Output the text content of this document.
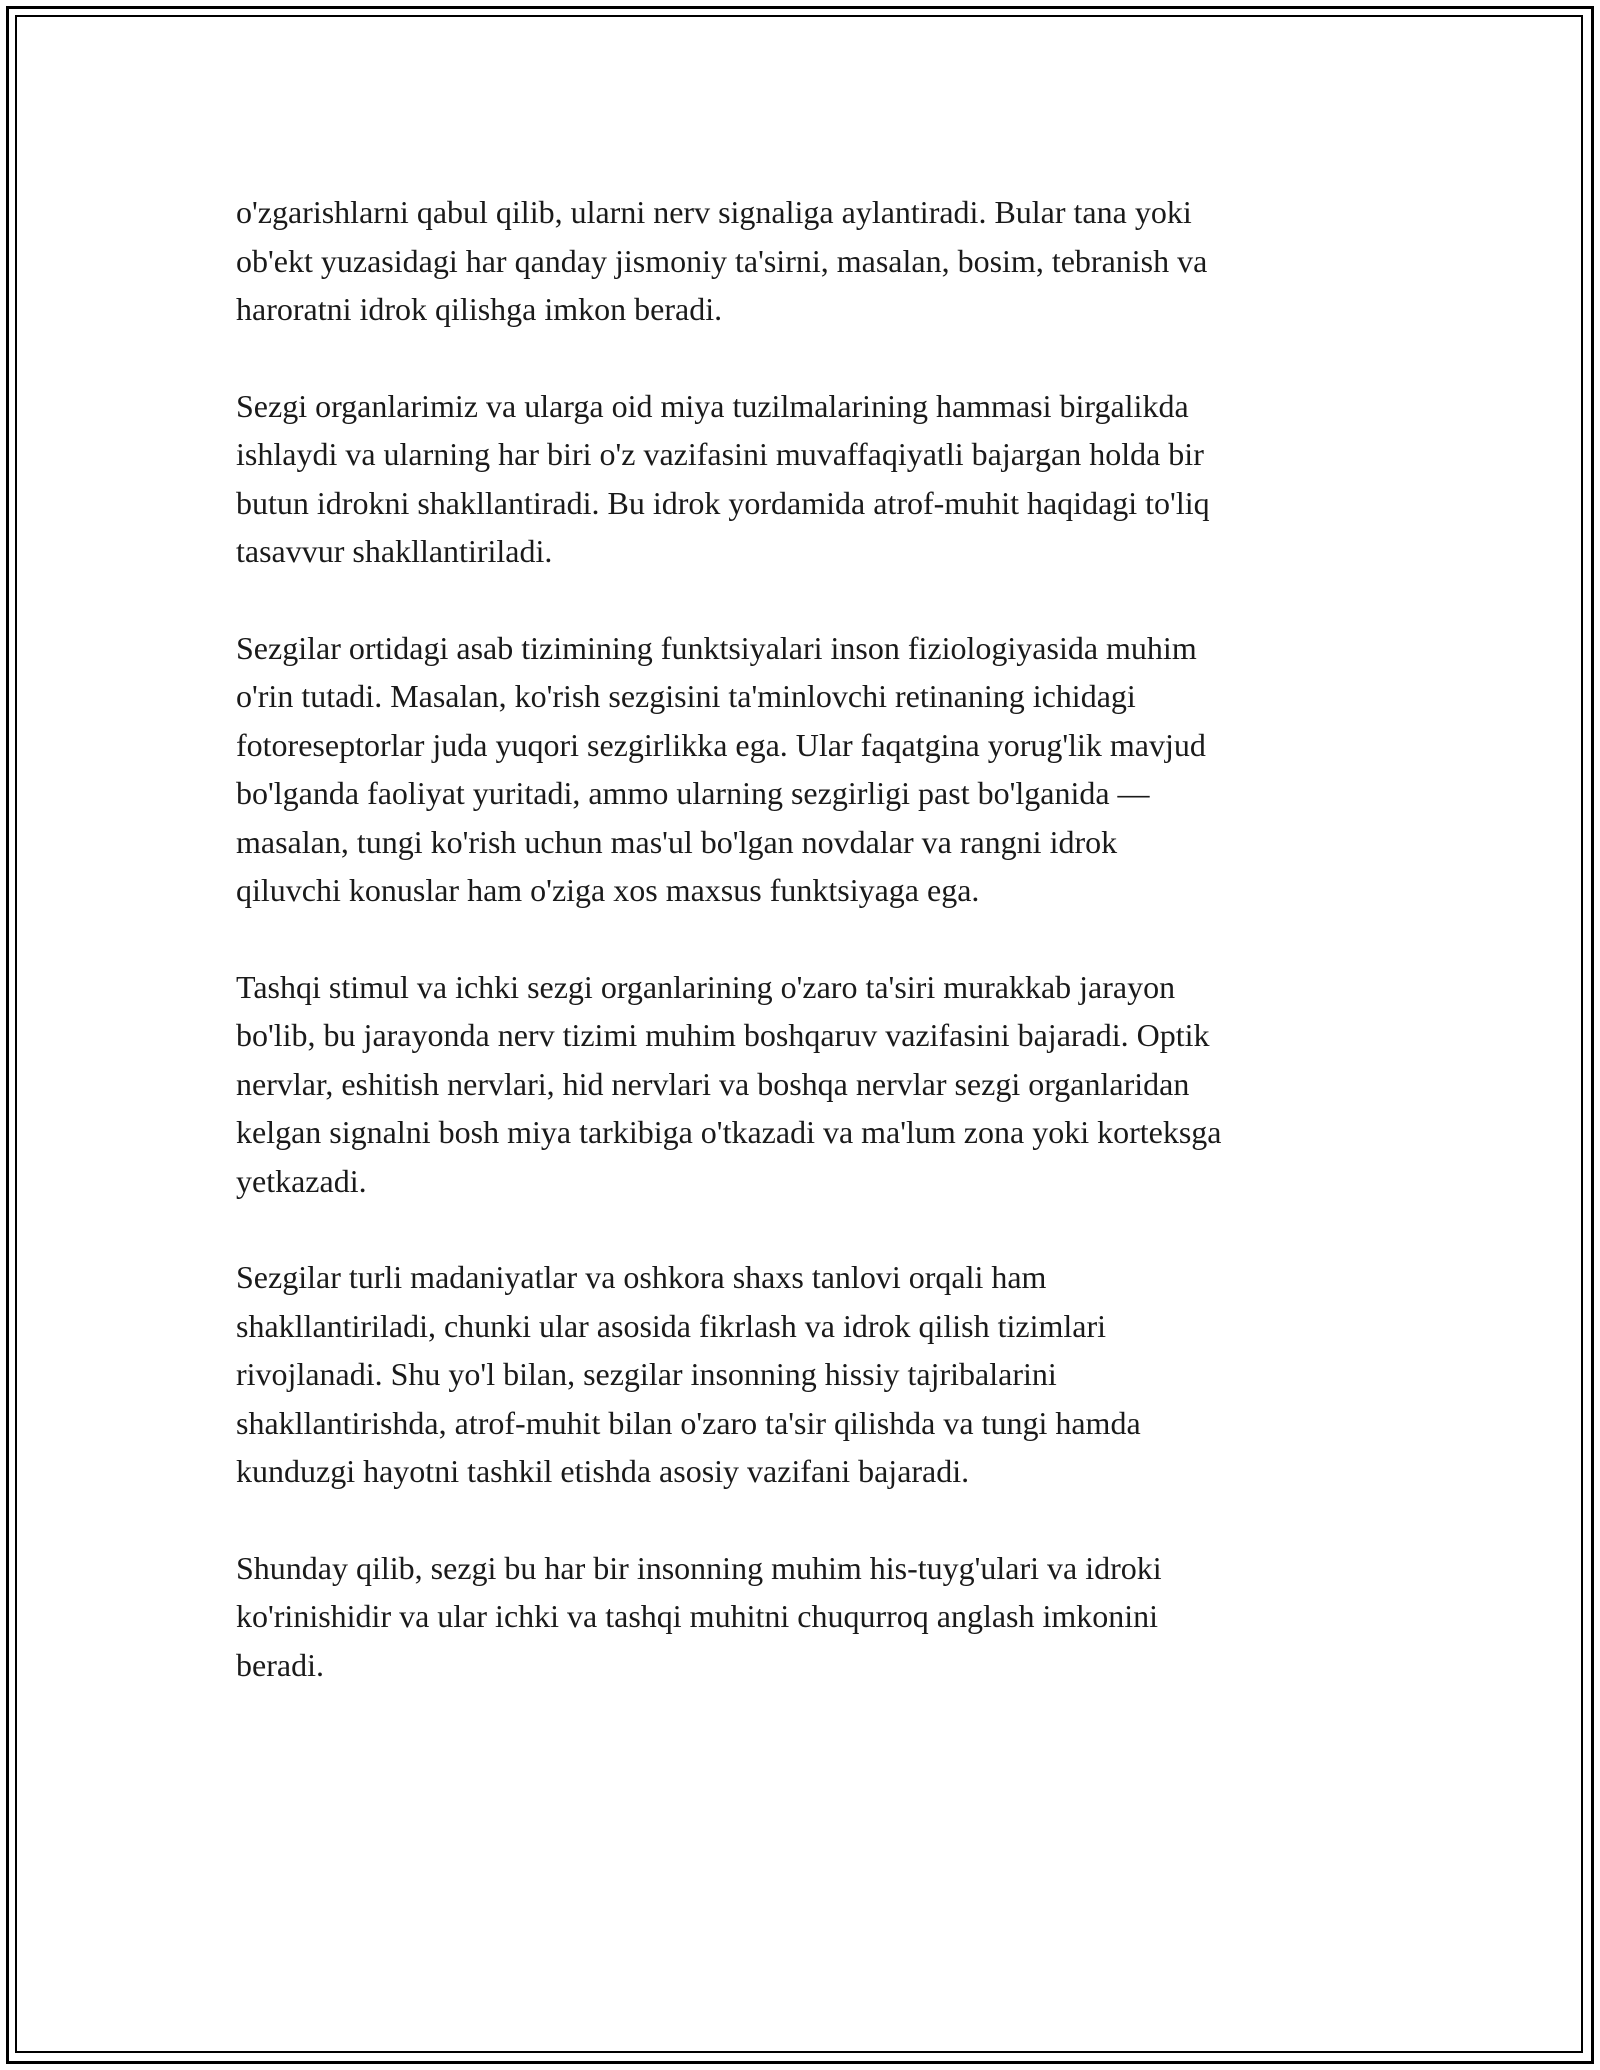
o'zgarishlarni qabul qilib, ularni nerv signaliga aylantiradi. Bular tana yoki
ob'ekt yuzasidagi har qanday jismoniy ta'sirni, masalan, bosim, tebranish va
haroratni idrok qilishga imkon beradi.

Sezgi organlarimiz va ularga oid miya tuzilmalarining hammasi birgalikda
ishlaydi va ularning har biri o'z vazifasini muvaffaqiyatli bajargan holda bir
butun idrokni shakllantiradi. Bu idrok yordamida atrof-muhit haqidagi to'liq
tasavvur shakllantiriladi.

Sezgilar ortidagi asab tizimining funktsiyalari inson fiziologiyasida muhim
o'rin tutadi. Masalan, ko'rish sezgisini ta'minlovchi retinaning ichidagi
fotoreseptorlar juda yuqori sezgirlikka ega. Ular faqatgina yorug'lik mavjud
bo'lganda faoliyat yuritadi, ammo ularning sezgirligi past bo'lganida —
masalan, tungi ko'rish uchun mas'ul bo'lgan novdalar va rangni idrok
qiluvchi konuslar ham o'ziga xos maxsus funktsiyaga ega.

Tashqi stimul va ichki sezgi organlarining o'zaro ta'siri murakkab jarayon
bo'lib, bu jarayonda nerv tizimi muhim boshqaruv vazifasini bajaradi. Optik
nervlar, eshitish nervlari, hid nervlari va boshqa nervlar sezgi organlaridan
kelgan signalni bosh miya tarkibiga o'tkazadi va ma'lum zona yoki korteksga
yetkazadi.

Sezgilar turli madaniyatlar va oshkora shaxs tanlovi orqali ham
shakllantiriladi, chunki ular asosida fikrlash va idrok qilish tizimlari
rivojlanadi. Shu yo'l bilan, sezgilar insonning hissiy tajribalarini
shakllantirishda, atrof-muhit bilan o'zaro ta'sir qilishda va tungi hamda
kunduzgi hayotni tashkil etishda asosiy vazifani bajaradi.

Shunday qilib, sezgi bu har bir insonning muhim his-tuyg'ulari va idroki
ko'rinishidir va ular ichki va tashqi muhitni chuqurroq anglash imkonini
beradi.
